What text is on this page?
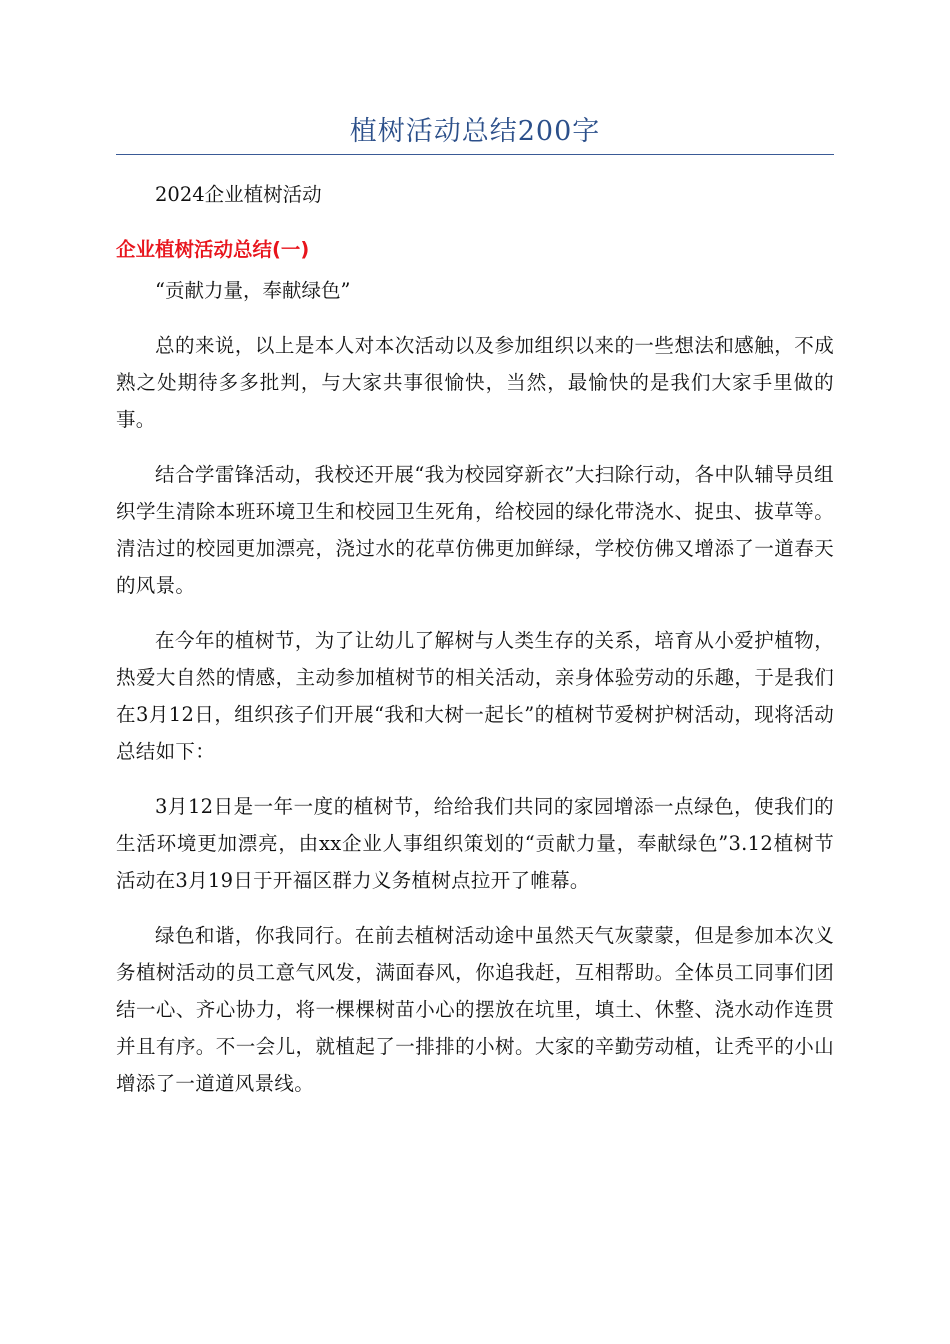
植树活动总结200字

2024企业植树活动

企业植树活动总结(一)

“贡献力量，奉献绿色”

总的来说，以上是本人对本次活动以及参加组织以来的一些想法和感触，不成熟之处期待多多批判，与大家共事很愉快，当然，最愉快的是我们大家手里做的事。

结合学雷锋活动，我校还开展“我为校园穿新衣”大扫除行动，各中队辅导员组织学生清除本班环境卫生和校园卫生死角，给校园的绿化带浇水、捉虫、拔草等。清洁过的校园更加漂亮，浇过水的花草仿佛更加鲜绿，学校仿佛又增添了一道春天的风景。

在今年的植树节，为了让幼儿了解树与人类生存的关系，培育从小爱护植物，热爱大自然的情感，主动参加植树节的相关活动，亲身体验劳动的乐趣，于是我们在3月12日，组织孩子们开展“我和大树一起长”的植树节爱树护树活动，现将活动总结如下：

3月12日是一年一度的植树节，给给我们共同的家园增添一点绿色，使我们的生活环境更加漂亮，由xx企业人事组织策划的“贡献力量，奉献绿色”3.12植树节活动在3月19日于开福区群力义务植树点拉开了帷幕。

绿色和谐，你我同行。在前去植树活动途中虽然天气灰蒙蒙，但是参加本次义务植树活动的员工意气风发，满面春风，你追我赶，互相帮助。全体员工同事们团结一心、齐心协力，将一棵棵树苗小心的摆放在坑里，填土、休整、浇水动作连贯并且有序。不一会儿，就植起了一排排的小树。大家的辛勤劳动植，让秃平的小山增添了一道道风景线。
